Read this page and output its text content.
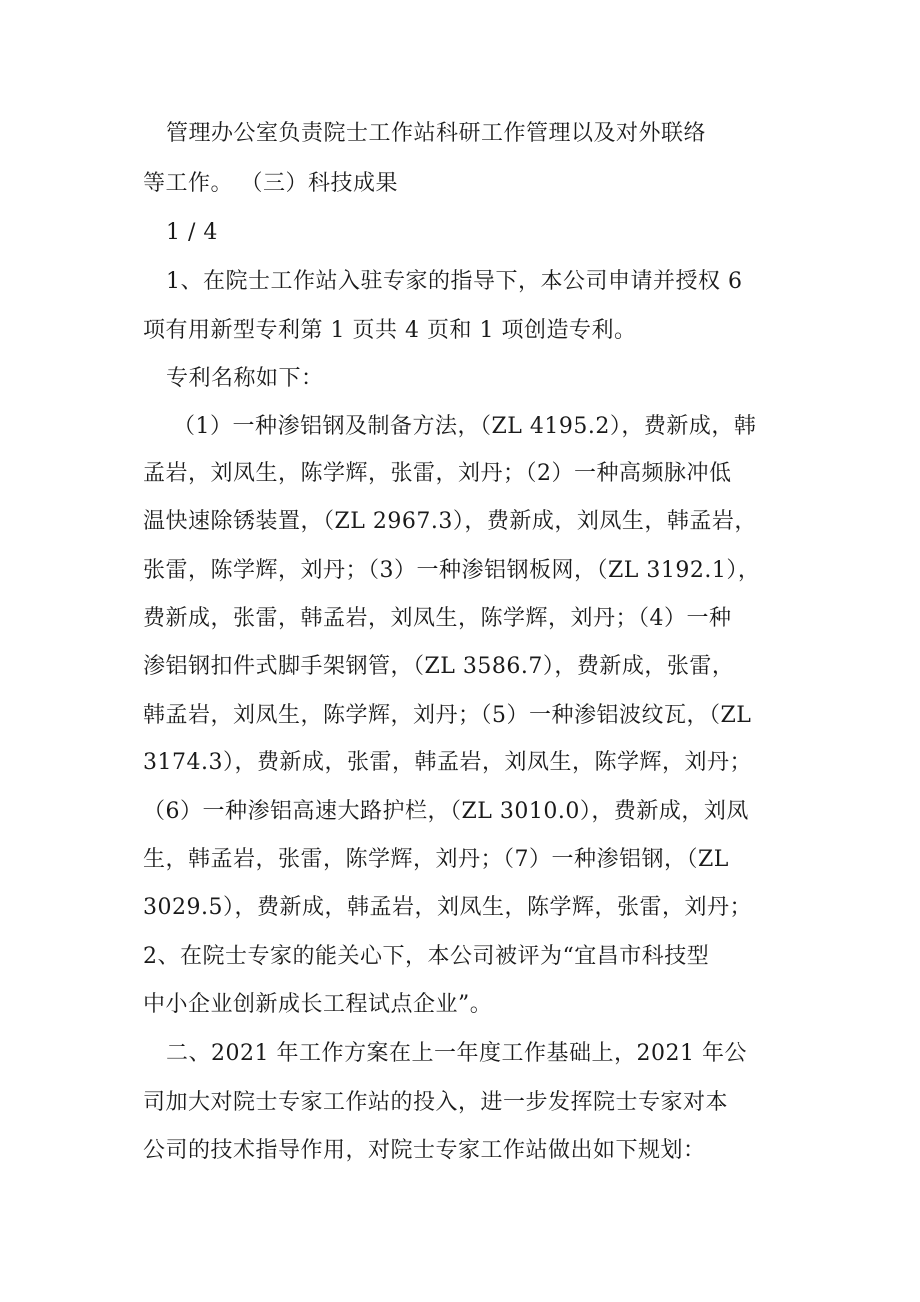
管理办公室负责院士工作站科研工作管理以及对外联络
等工作。 （三）科技成果
1 / 4
1、在院士工作站入驻专家的指导下，本公司申请并授权 6
项有用新型专利第 1 页共 4 页和 1 项创造专利。
专利名称如下：
（1）一种渗铝钢及制备方法，（ZL 4195.2），费新成，韩
孟岩，刘凤生，陈学辉，张雷，刘丹；（2）一种高频脉冲低
温快速除锈装置，（ZL 2967.3），费新成，刘凤生，韩孟岩，
张雷，陈学辉，刘丹；（3）一种渗铝钢板网，（ZL 3192.1），
费新成，张雷，韩孟岩，刘凤生，陈学辉，刘丹；（4）一种
渗铝钢扣件式脚手架钢管，（ZL 3586.7），费新成，张雷，
韩孟岩，刘凤生，陈学辉，刘丹；（5）一种渗铝波纹瓦，（ZL
3174.3），费新成，张雷，韩孟岩，刘凤生，陈学辉，刘丹；
（6）一种渗铝高速大路护栏，（ZL 3010.0），费新成，刘凤
生，韩孟岩，张雷，陈学辉，刘丹；（7）一种渗铝钢，（ZL
3029.5），费新成，韩孟岩，刘凤生，陈学辉，张雷，刘丹；
2、在院士专家的能关心下，本公司被评为“宜昌市科技型
中小企业创新成长工程试点企业”。
二、2021 年工作方案在上一年度工作基础上，2021 年公
司加大对院士专家工作站的投入，进一步发挥院士专家对本
公司的技术指导作用，对院士专家工作站做出如下规划：
